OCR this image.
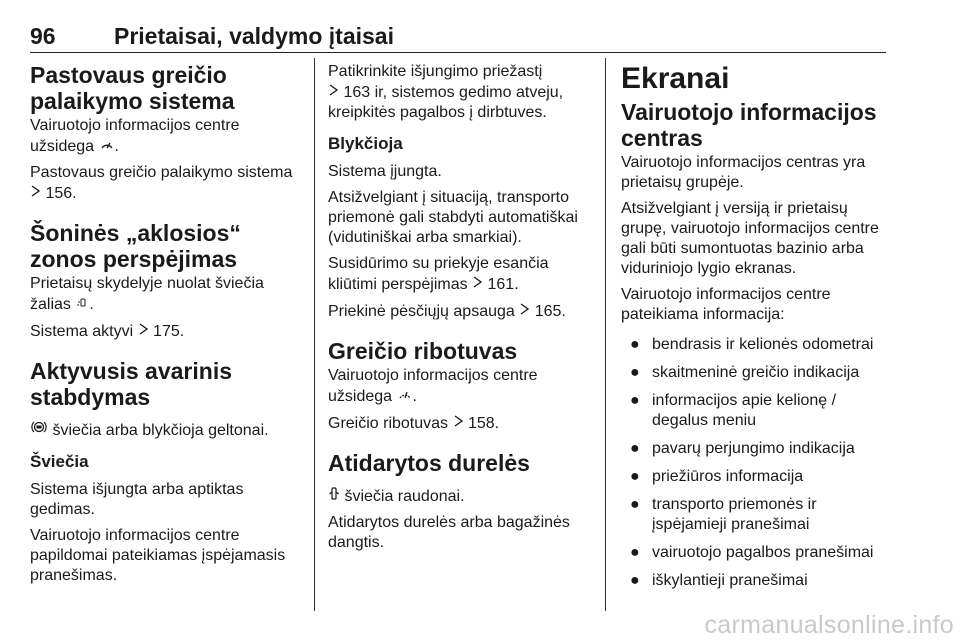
96	Prietaisai, valdymo įtaisai
Pastovaus greičio palaikymo sistema
Vairuotojo informacijos centre užsidega .
Pastovaus greičio palaikymo sistema  156.
Šoninės „aklosios“ zonos perspėjimas
Prietaisų skydelyje nuolat šviečia žalias .
Sistema aktyvi 175.
Aktyvusis avarinis stabdymas
šviečia arba blykčioja geltonai.
Šviečia
Sistema išjungta arba aptiktas gedimas.
Vairuotojo informacijos centre papildomai pateikiamas įspėjamasis pranešimas.
Patikrinkite išjungimo priežastį
163 ir, sistemos gedimo atveju, kreipkitės pagalbos į dirbtuves.
Blykčioja
Sistema įjungta.
Atsižvelgiant į situaciją, transporto priemonė gali stabdyti automatiškai (vidutiniškai arba smarkiai).
Susidūrimo su priekyje esančia kliūtimi perspėjimas 161.
Priekinė pėsčiųjų apsauga 165.
Greičio ribotuvas
Vairuotojo informacijos centre užsidega .
Greičio ribotuvas 158.
Atidarytos durelės
šviečia raudonai.
Atidarytos durelės arba bagažinės dangtis.
Ekranai
Vairuotojo informacijos centras
Vairuotojo informacijos centras yra prietaisų grupėje.
Atsižvelgiant į versiją ir prietaisų grupę, vairuotojo informacijos centre gali būti sumontuotas bazinio arba viduriniojo lygio ekranas.
Vairuotojo informacijos centre pateikiama informacija:
● bendrasis ir kelionės odometrai
● skaitmeninė greičio indikacija
● informacijos apie kelionę / degalus meniu
● pavarų perjungimo indikacija
● priežiūros informacija
● transporto priemonės ir įspėjamieji pranešimai
● vairuotojo pagalbos pranešimai
● iškylantieji pranešimai
carmanualsonline.info
